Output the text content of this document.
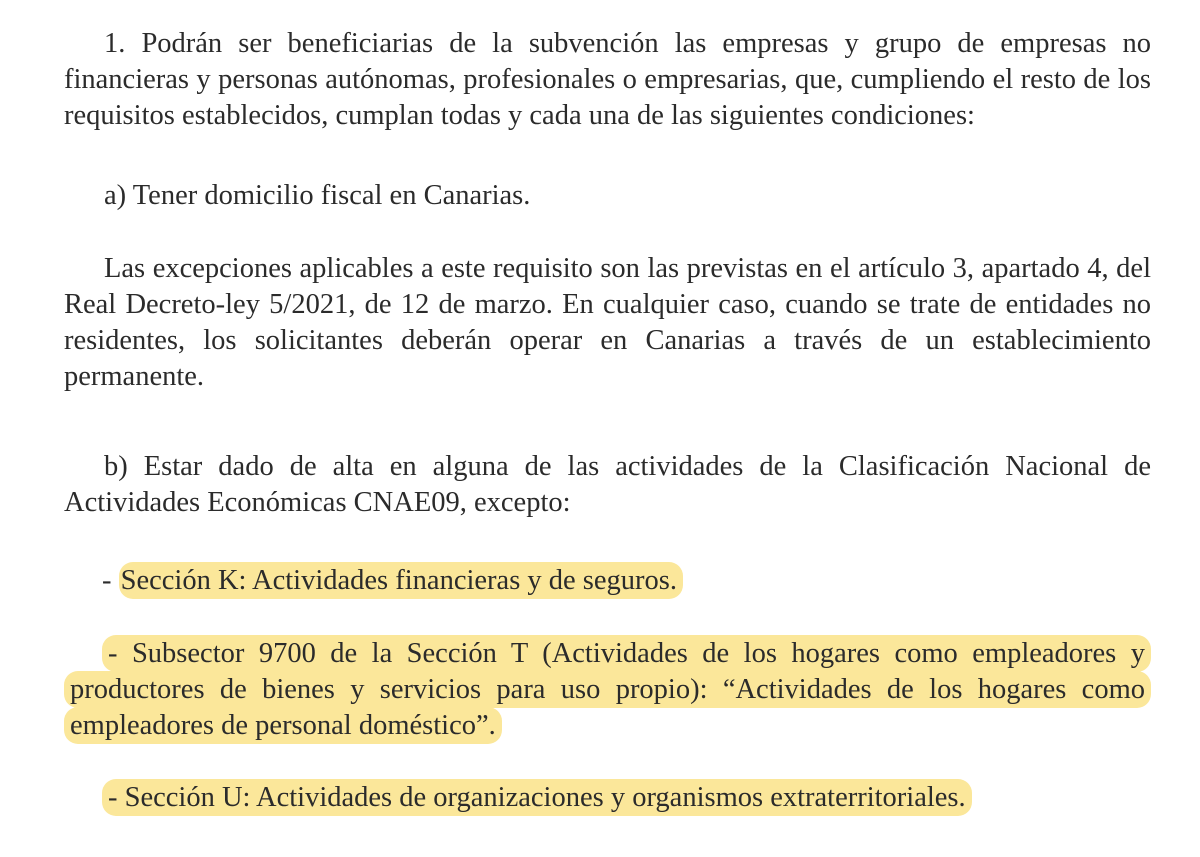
1. Podrán ser beneficiarias de la subvención las empresas y grupo de empresas no financieras y personas autónomas, profesionales o empresarias, que, cumpliendo el resto de los requisitos establecidos, cumplan todas y cada una de las siguientes condiciones:

a) Tener domicilio fiscal en Canarias.

Las excepciones aplicables a este requisito son las previstas en el artículo 3, apartado 4, del Real Decreto-ley 5/2021, de 12 de marzo. En cualquier caso, cuando se trate de entidades no residentes, los solicitantes deberán operar en Canarias a través de un establecimiento permanente.

b) Estar dado de alta en alguna de las actividades de la Clasificación Nacional de Actividades Económicas CNAE09, excepto:

- Sección K: Actividades financieras y de seguros.

- Subsector 9700 de la Sección T (Actividades de los hogares como empleadores y productores de bienes y servicios para uso propio): “Actividades de los hogares como empleadores de personal doméstico”.

- Sección U: Actividades de organizaciones y organismos extraterritoriales.
